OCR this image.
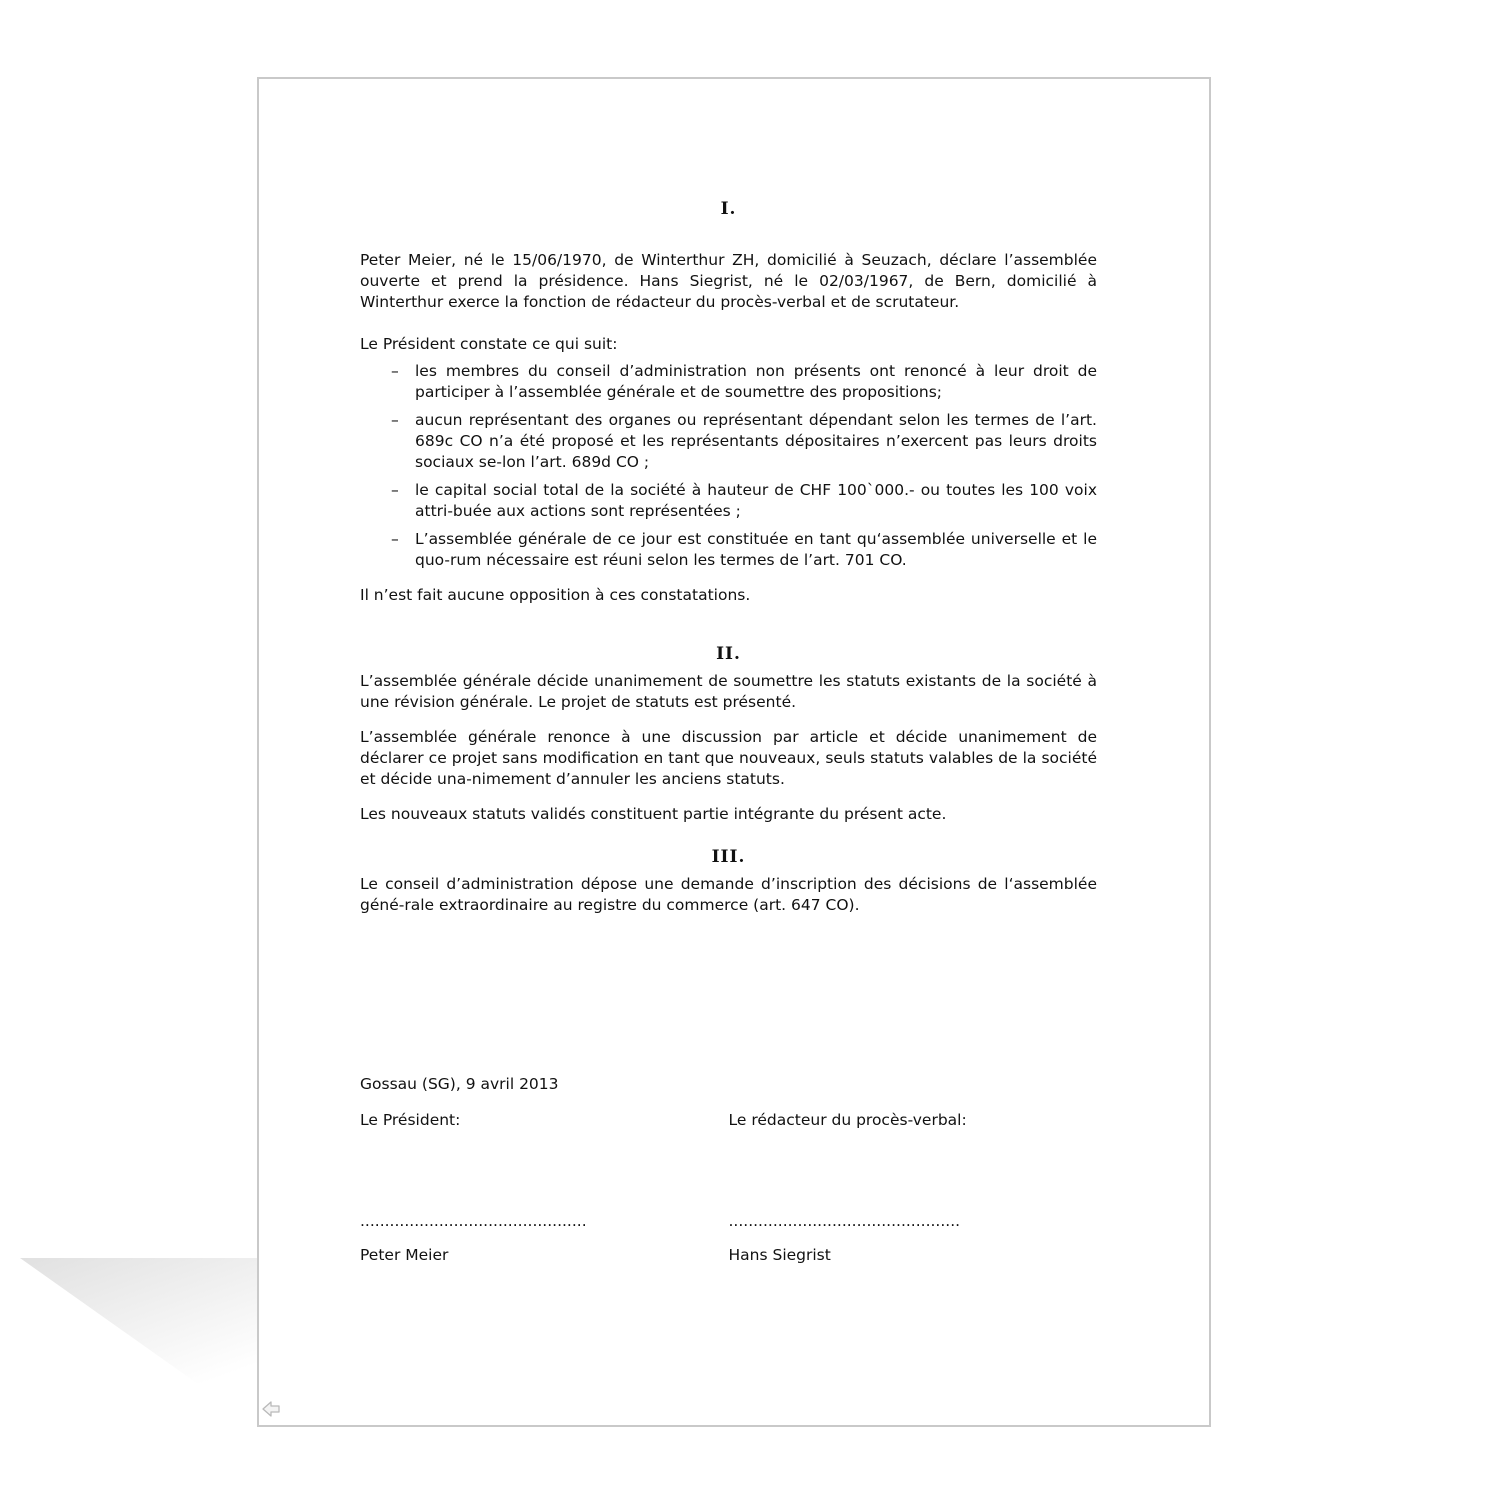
I.

Peter Meier, né le 15/06/1970, de Winterthur ZH, domicilié à Seuzach, déclare l’assemblée ouverte et prend la présidence. Hans Siegrist, né le 02/03/1967, de Bern, domicilié à Winterthur exerce la fonction de rédacteur du procès-verbal et de scrutateur.

Le Président constate ce qui suit:

– les membres du conseil d’administration non présents ont renoncé à leur droit de participer à l’assemblée générale et de soumettre des propositions;
– aucun représentant des organes ou représentant dépendant selon les termes de l’art. 689c CO n’a été proposé et les représentants dépositaires n’exercent pas leurs droits sociaux se-lon l’art. 689d CO ;
– le capital social total de la société à hauteur de CHF 100`000.- ou toutes les 100 voix attri-buée aux actions sont représentées ;
– L’assemblée générale de ce jour est constituée en tant qu‘assemblée universelle et le quo-rum nécessaire est réuni selon les termes de l’art. 701 CO.

Il n’est fait aucune opposition à ces constatations.

II.

L’assemblée générale décide unanimement de soumettre les statuts existants de la société à une révision générale. Le projet de statuts est présenté.

L’assemblée générale renonce à une discussion par article et décide unanimement de déclarer ce projet sans modification en tant que nouveaux, seuls statuts valables de la société et décide una-nimement d’annuler les anciens statuts.

Les nouveaux statuts validés constituent partie intégrante du présent acte.

III.

Le conseil d’administration dépose une demande d’inscription des décisions de l‘assemblée géné-rale extraordinaire au registre du commerce (art. 647 CO).

Gossau (SG), 9 avril 2013
Le Président:
..............................................
Peter Meier
Le rédacteur du procès-verbal:
...............................................
Hans Siegrist
